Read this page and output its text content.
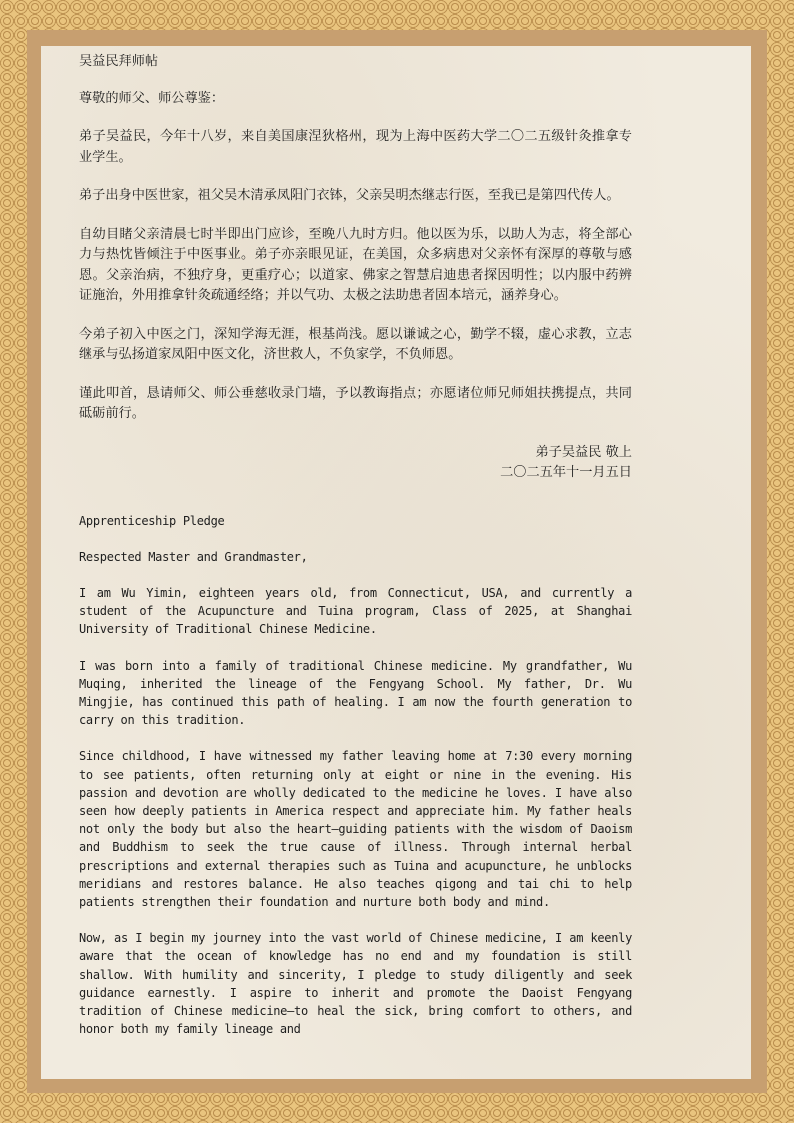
吴益民拜师帖

尊敬的师父、师公尊鉴：

弟子吴益民，今年十八岁，来自美国康涅狄格州，现为上海中医药大学二〇二五级针灸推拿专业学生。

弟子出身中医世家，祖父吴木清承凤阳门衣钵，父亲吴明杰继志行医，至我已是第四代传人。

自幼目睹父亲清晨七时半即出门应诊，至晚八九时方归。他以医为乐，以助人为志，将全部心力与热忱皆倾注于中医事业。弟子亦亲眼见证，在美国，众多病患对父亲怀有深厚的尊敬与感恩。父亲治病，不独疗身，更重疗心；以道家、佛家之智慧启迪患者探因明性；以内服中药辨证施治，外用推拿针灸疏通经络；并以气功、太极之法助患者固本培元，涵养身心。

今弟子初入中医之门，深知学海无涯，根基尚浅。愿以谦诚之心，勤学不辍，虚心求教，立志继承与弘扬道家凤阳中医文化，济世救人，不负家学，不负师恩。

谨此叩首，恳请师父、师公垂慈收录门墙，予以教诲指点；亦愿诸位师兄师姐扶携提点，共同砥砺前行。

弟子吴益民 敬上

二〇二五年十一月五日

Apprenticeship Pledge

Respected Master and Grandmaster,

I am Wu Yimin, eighteen years old, from Connecticut, USA, and currently a student of the Acupuncture and Tuina program, Class of 2025, at Shanghai University of Traditional Chinese Medicine.

I was born into a family of traditional Chinese medicine. My grandfather, Wu Muqing, inherited the lineage of the Fengyang School. My father, Dr. Wu Mingjie, has continued this path of healing. I am now the fourth generation to carry on this tradition.

Since childhood, I have witnessed my father leaving home at 7:30 every morning to see patients, often returning only at eight or nine in the evening. His passion and devotion are wholly dedicated to the medicine he loves. I have also seen how deeply patients in America respect and appreciate him. My father heals not only the body but also the heart—guiding patients with the wisdom of Daoism and Buddhism to seek the true cause of illness. Through internal herbal prescriptions and external therapies such as Tuina and acupuncture, he unblocks meridians and restores balance. He also teaches qigong and tai chi to help patients strengthen their foundation and nurture both body and mind.

Now, as I begin my journey into the vast world of Chinese medicine, I am keenly aware that the ocean of knowledge has no end and my foundation is still shallow. With humility and sincerity, I pledge to study diligently and seek guidance earnestly. I aspire to inherit and promote the Daoist Fengyang tradition of Chinese medicine—to heal the sick, bring comfort to others, and honor both my family lineage and
